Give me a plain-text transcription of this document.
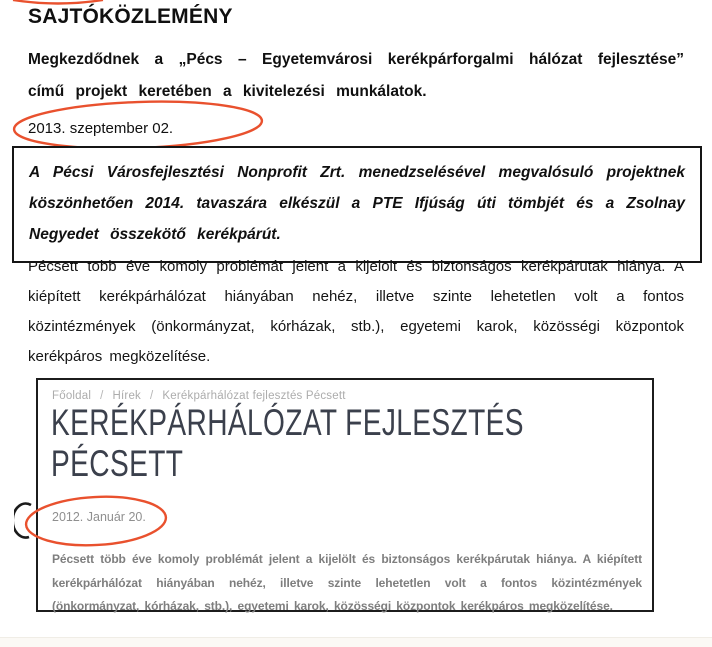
SAJTÓKÖZLEMÉNY
Megkezdődnek a „Pécs – Egyetemvárosi kerékpárforgalmi hálózat fejlesztése” című projekt keretében a kivitelezési munkálatok.
2013. szeptember 02.

A Pécsi Városfejlesztési Nonprofit Zrt. menedzselésével megvalósuló projektnek köszönhetően 2014. tavaszára elkészül a PTE Ifjúság úti tömbjét és a Zsolnay Negyedet összekötő kerékpárút.

Pécsett több éve komoly problémát jelent a kijelölt és biztonságos kerékpárutak hiánya. A kiépített kerékpárhálózat hiányában nehéz, illetve szinte lehetetlen volt a fontos közintézmények (önkormányzat, kórházak, stb.), egyetemi karok, közösségi központok kerékpáros megközelítése.
Főoldal / Hírek / Kerékpárhálózat fejlesztés Pécsett
KERÉKPÁRHÁLÓZAT FEJLESZTÉS PÉCSETT
2012. Január 20.
Pécsett több éve komoly problémát jelent a kijelölt és biztonságos kerékpárutak hiánya. A kiépített kerékpárhálózat hiányában nehéz, illetve szinte lehetetlen volt a fontos közintézmények (önkormányzat, kórházak, stb.), egyetemi karok, közösségi központok kerékpáros megközelítése.
